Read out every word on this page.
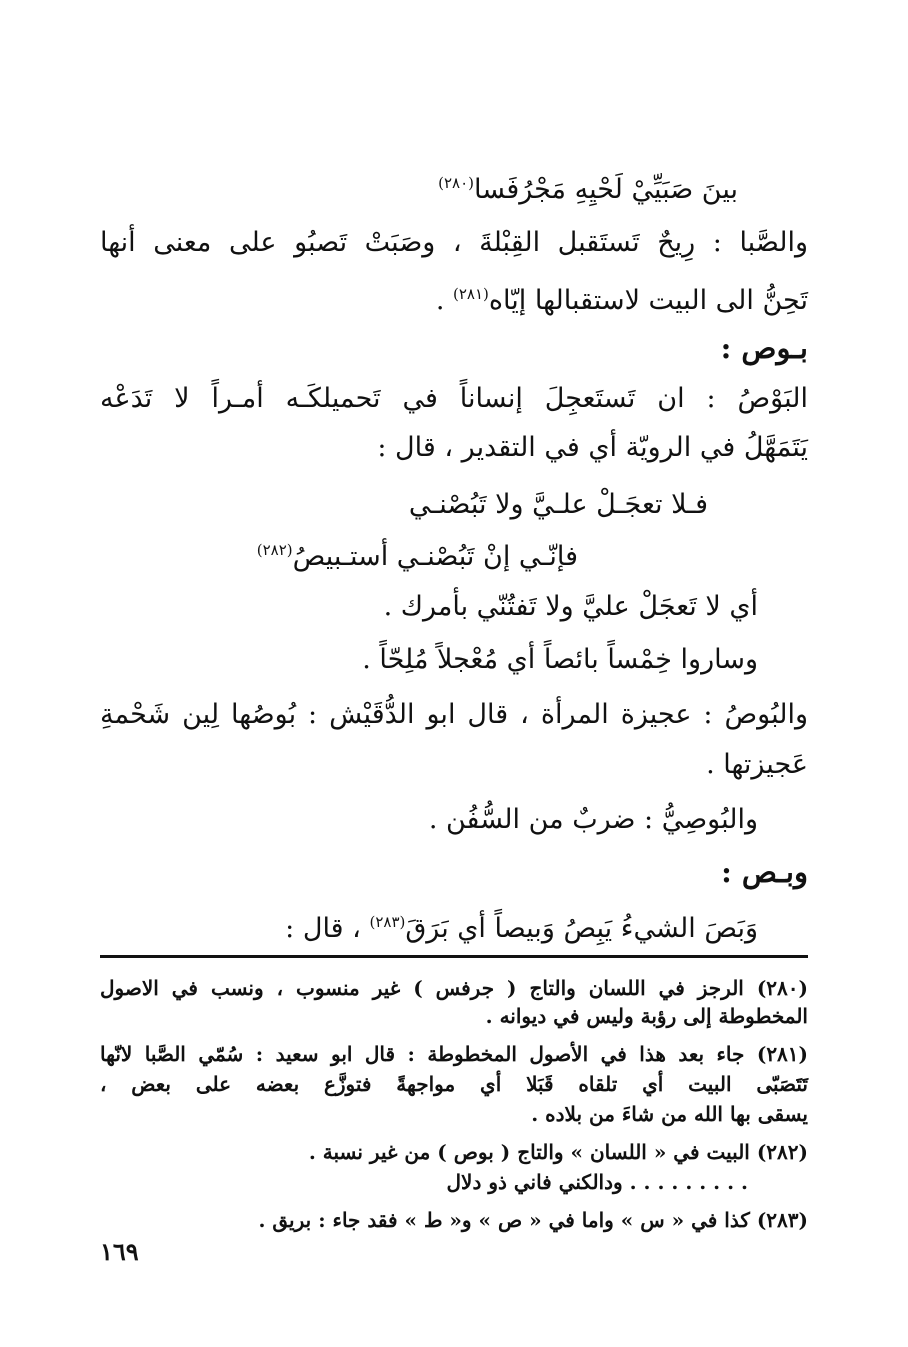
بينَ صَبَيِّيْ لَحْيِهِ مَجْرُفَسا$^{(٢٨٠)}$
والصَّبا : رِيحٌ تَستَقبل القِبْلةَ ، وصَبَتْ تَصبُو على معنى أنها
تَحِنُّ الى البيت لاستقبالها إيّاه$^{(٢٨١)}$ .
بـوص :
البَوْصُ : ان تَستَعجِلَ إنساناً في تَحميلكَـه أمـراً لا تَدَعْه
يَتَمَهَّلُ في الرويّة أي في التقدير ، قال :
فـلا تعجَـلْ علـيَّ ولا تَبُصْنـي
فإنّـي إنْ تَبُصْنـي أستـبيصُ$^{(٢٨٢)}$
أي لا تَعجَلْ عليَّ ولا تَفتُنّي بأمرك .
وساروا خِمْساً بائصاً أي مُعْجلاً مُلِحّاً .
والبُوصُ : عجيزة المرأة ، قال ابو الدُّقَيْش : بُوصُها لِين شَحْمةِ
عَجيزتها .
والبُوصِيُّ : ضربٌ من السُّفُن .
وبـص :
وَبَصَ الشيءُ يَبِصُ وَبيصاً أي بَرَقَ$^{(٢٨٣)}$ ، قال :
(٢٨٠) الرجز في اللسان والتاج ( جرفس ) غير منسوب ، ونسب في الاصول
المخطوطة إلى رؤبة وليس في ديوانه .
(٢٨١) جاء بعد هذا في الأصول المخطوطة : قال ابو سعيد : سُمّي الصَّبا لانّها
تَتَصَبّى البيت أي تلقاه قَبَلا أي مواجهةً فتوزَّع بعضه على بعض ،
يسقى بها الله من شاءَ من بلاده .
(٢٨٢) البيت في « اللسان » والتاج ( بوص ) من غير نسبة .
. . . . . . . . . ودالكني فاني ذو دلال
(٢٨٣) كذا في « س » واما في « ص » و« ط » فقد جاء : بريق .
١٦٩
